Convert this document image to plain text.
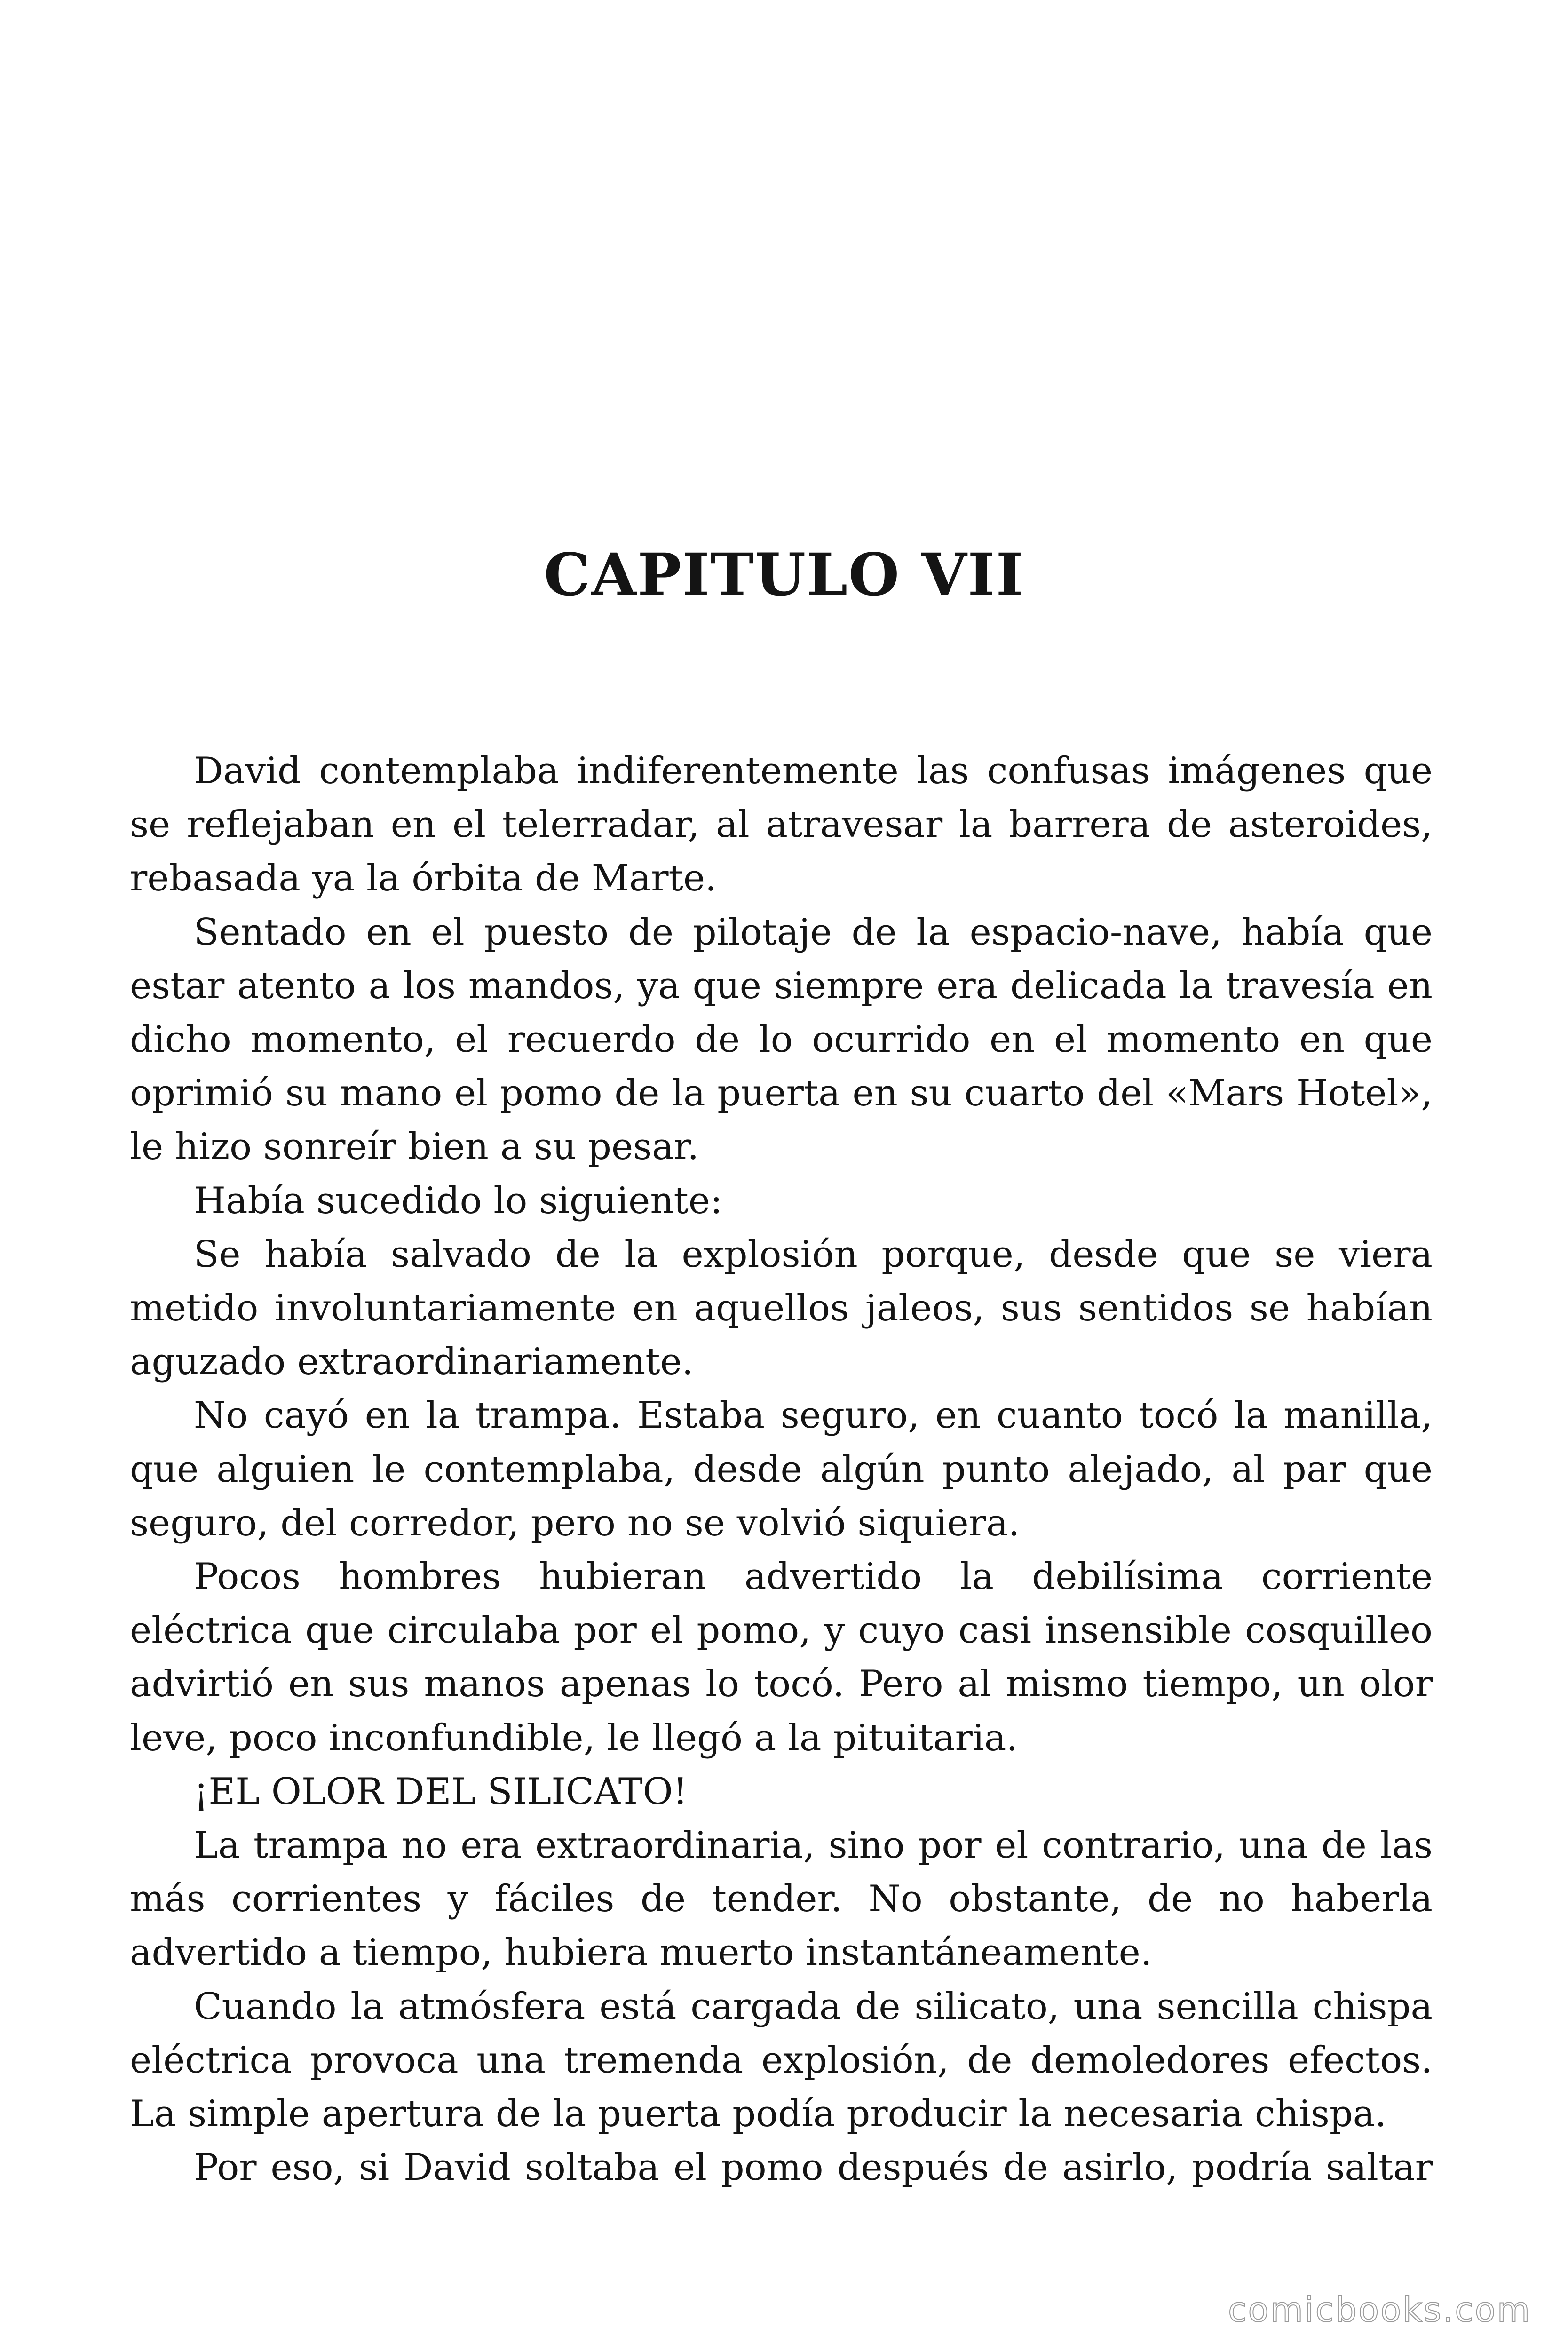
CAPITULO VII

David contemplaba indiferentemente las confusas imágenes que se reflejaban en el telerradar, al atravesar la barrera de asteroides, rebasada ya la órbita de Marte.

Sentado en el puesto de pilotaje de la espacio-nave, había que estar atento a los mandos, ya que siempre era delicada la travesía en dicho momento, el recuerdo de lo ocurrido en el momento en que oprimió su mano el pomo de la puerta en su cuarto del «Mars Hotel», le hizo sonreír bien a su pesar.

Había sucedido lo siguiente:

Se había salvado de la explosión porque, desde que se viera metido involuntariamente en aquellos jaleos, sus sentidos se habían aguzado extraordinariamente.

No cayó en la trampa. Estaba seguro, en cuanto tocó la manilla, que alguien le contemplaba, desde algún punto alejado, al par que seguro, del corredor, pero no se volvió siquiera.

Pocos hombres hubieran advertido la debilísima corriente eléctrica que circulaba por el pomo, y cuyo casi insensible cosquilleo advirtió en sus manos apenas lo tocó. Pero al mismo tiempo, un olor leve, poco inconfundible, le llegó a la pituitaria.

¡EL OLOR DEL SILICATO!

La trampa no era extraordinaria, sino por el contrario, una de las más corrientes y fáciles de tender. No obstante, de no haberla advertido a tiempo, hubiera muerto instantáneamente.

Cuando la atmósfera está cargada de silicato, una sencilla chispa eléctrica provoca una tremenda explosión, de demoledores efectos. La simple apertura de la puerta podía producir la necesaria chispa.

Por eso, si David soltaba el pomo después de asirlo, podría saltar

comicbooks.com
